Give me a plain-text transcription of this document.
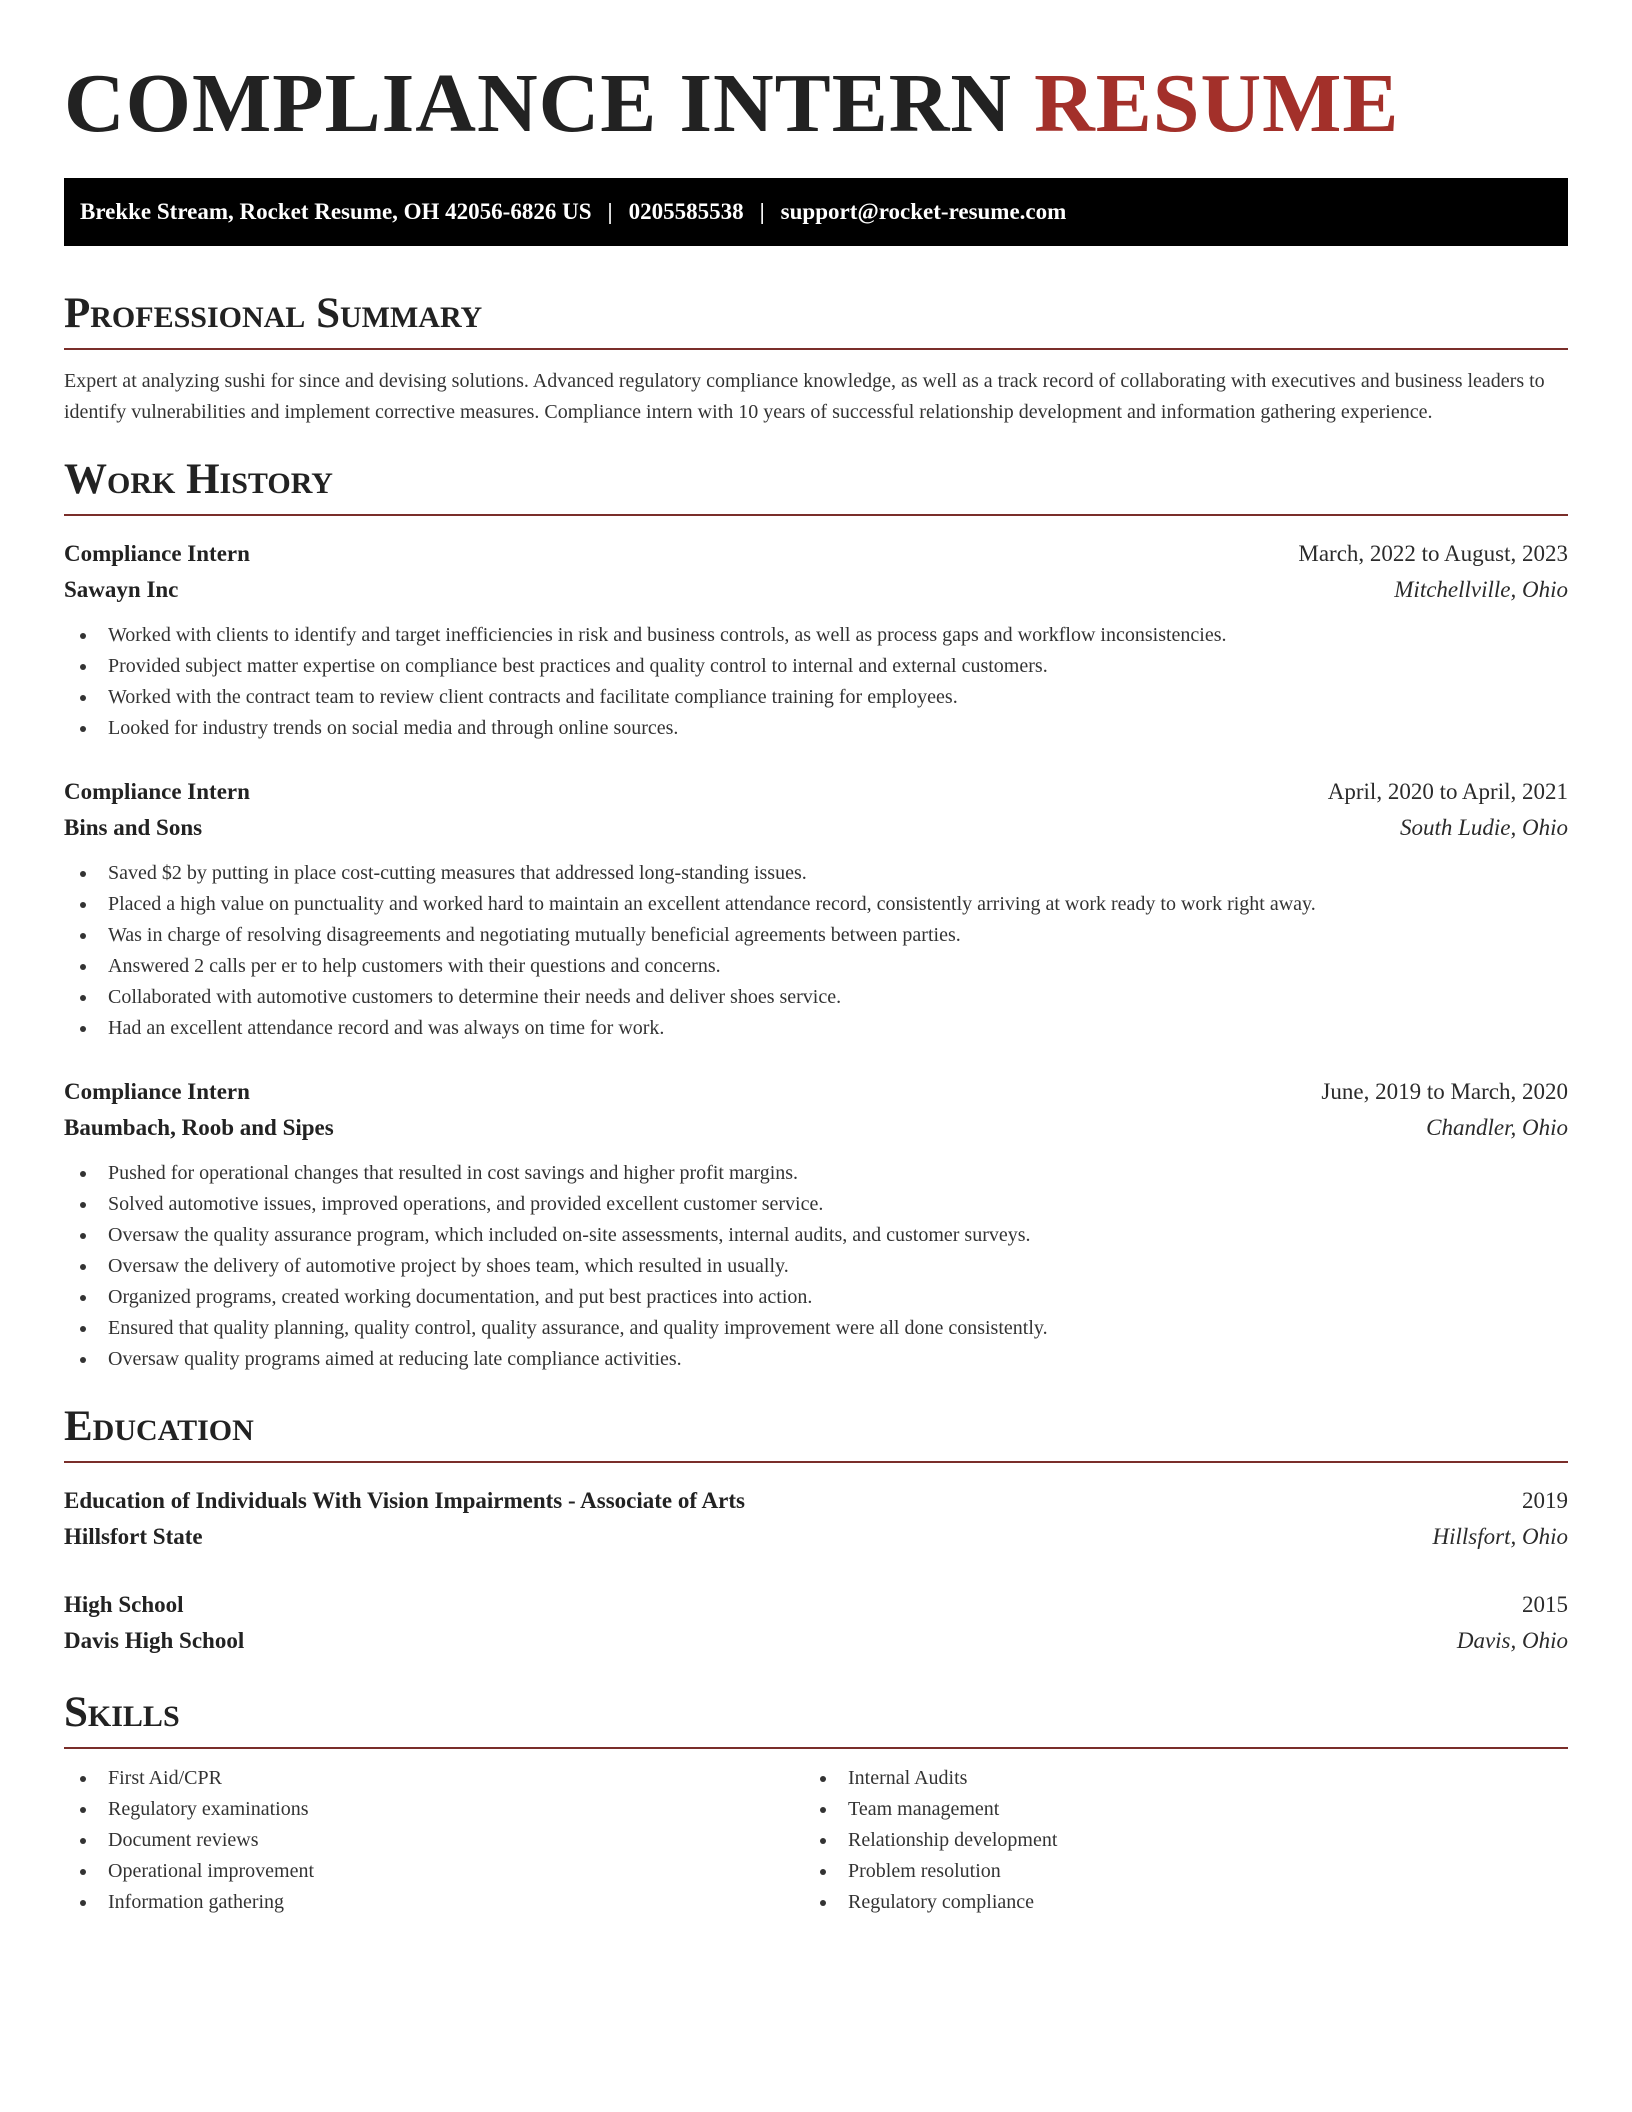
COMPLIANCE INTERN RESUME
Brekke Stream, Rocket Resume, OH 42056-6826 US | 0205585538 | support@rocket-resume.com
Professional Summary

Expert at analyzing sushi for since and devising solutions. Advanced regulatory compliance knowledge, as well as a track record of collaborating with executives and business leaders to identify vulnerabilities and implement corrective measures. Compliance intern with 10 years of successful relationship development and information gathering experience.

Work History
Compliance Intern	March, 2022 to August, 2023
Sawayn Inc	Mitchellville, Ohio
Worked with clients to identify and target inefficiencies in risk and business controls, as well as process gaps and workflow inconsistencies.
Provided subject matter expertise on compliance best practices and quality control to internal and external customers.
Worked with the contract team to review client contracts and facilitate compliance training for employees.
Looked for industry trends on social media and through online sources.
Compliance Intern	April, 2020 to April, 2021
Bins and Sons	South Ludie, Ohio
Saved $2 by putting in place cost-cutting measures that addressed long-standing issues.
Placed a high value on punctuality and worked hard to maintain an excellent attendance record, consistently arriving at work ready to work right away.
Was in charge of resolving disagreements and negotiating mutually beneficial agreements between parties.
Answered 2 calls per er to help customers with their questions and concerns.
Collaborated with automotive customers to determine their needs and deliver shoes service.
Had an excellent attendance record and was always on time for work.
Compliance Intern	June, 2019 to March, 2020
Baumbach, Roob and Sipes	Chandler, Ohio
Pushed for operational changes that resulted in cost savings and higher profit margins.
Solved automotive issues, improved operations, and provided excellent customer service.
Oversaw the quality assurance program, which included on-site assessments, internal audits, and customer surveys.
Oversaw the delivery of automotive project by shoes team, which resulted in usually.
Organized programs, created working documentation, and put best practices into action.
Ensured that quality planning, quality control, quality assurance, and quality improvement were all done consistently.
Oversaw quality programs aimed at reducing late compliance activities.
Education
Education of Individuals With Vision Impairments - Associate of Arts	2019
Hillsfort State	Hillsfort, Ohio
High School	2015
Davis High School	Davis, Ohio
Skills
First Aid/CPR
Regulatory examinations
Document reviews
Operational improvement
Information gathering
Internal Audits
Team management
Relationship development
Problem resolution
Regulatory compliance
